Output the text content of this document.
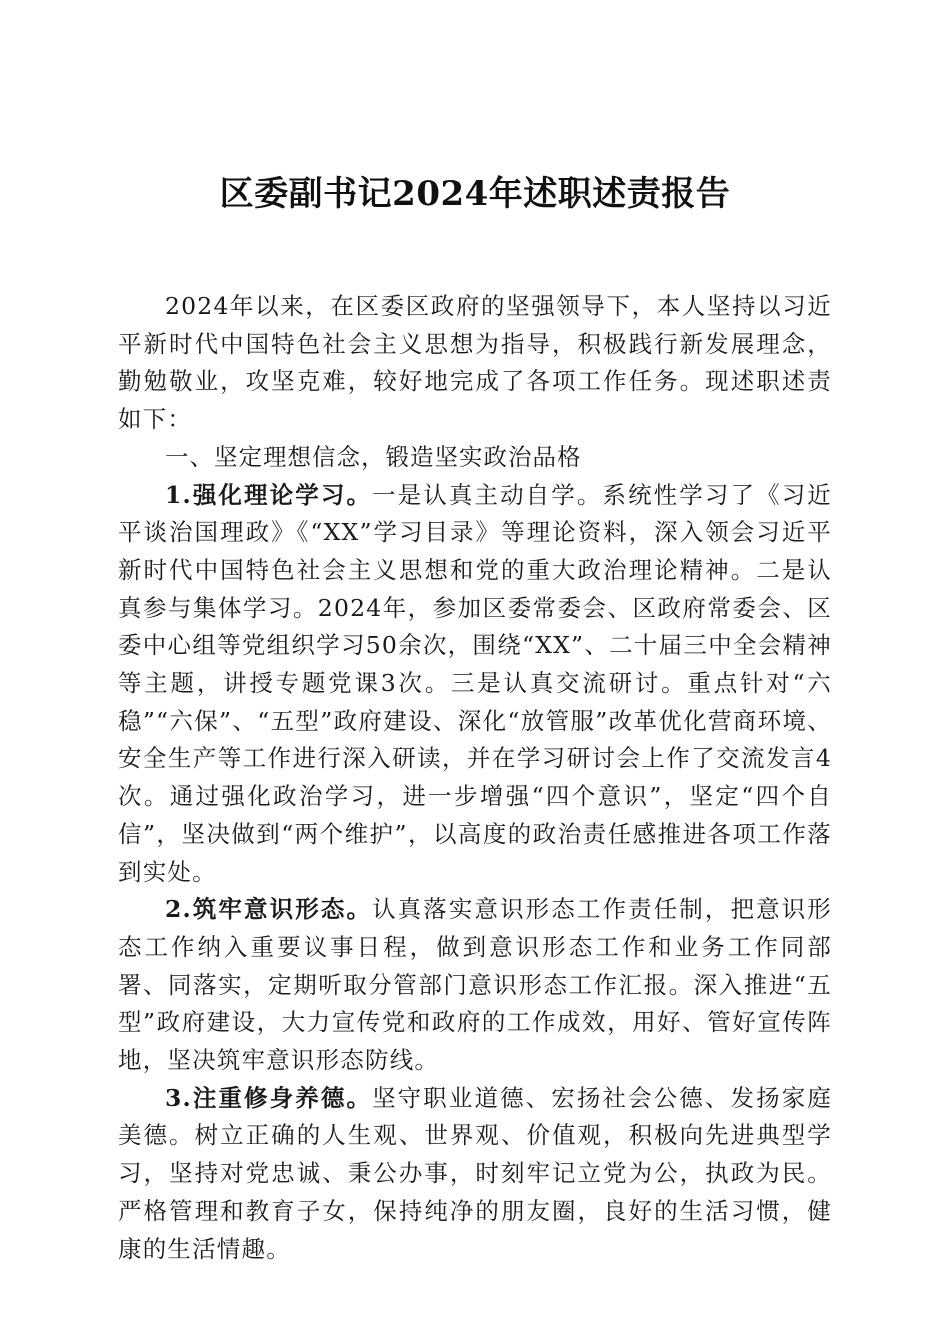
区委副书记2024年述职述责报告

2024年以来，在区委区政府的坚强领导下，本人坚持以习近平新时代中国特色社会主义思想为指导，积极践行新发展理念，勤勉敬业，攻坚克难，较好地完成了各项工作任务。现述职述责如下：

一、坚定理想信念，锻造坚实政治品格

1.强化理论学习。一是认真主动自学。系统性学习了《习近平谈治国理政》《“XX”学习目录》等理论资料，深入领会习近平新时代中国特色社会主义思想和党的重大政治理论精神。二是认真参与集体学习。2024年，参加区委常委会、区政府常委会、区委中心组等党组织学习50余次，围绕“XX”、二十届三中全会精神等主题，讲授专题党课3次。三是认真交流研讨。重点针对“六稳”“六保”、“五型”政府建设、深化“放管服”改革优化营商环境、安全生产等工作进行深入研读，并在学习研讨会上作了交流发言4次。通过强化政治学习，进一步增强“四个意识”，坚定“四个自信”，坚决做到“两个维护”，以高度的政治责任感推进各项工作落到实处。

2.筑牢意识形态。认真落实意识形态工作责任制，把意识形态工作纳入重要议事日程，做到意识形态工作和业务工作同部署、同落实，定期听取分管部门意识形态工作汇报。深入推进“五型”政府建设，大力宣传党和政府的工作成效，用好、管好宣传阵地，坚决筑牢意识形态防线。

3.注重修身养德。坚守职业道德、宏扬社会公德、发扬家庭美德。树立正确的人生观、世界观、价值观，积极向先进典型学习，坚持对党忠诚、秉公办事，时刻牢记立党为公，执政为民。严格管理和教育子女，保持纯净的朋友圈，良好的生活习惯，健康的生活情趣。
